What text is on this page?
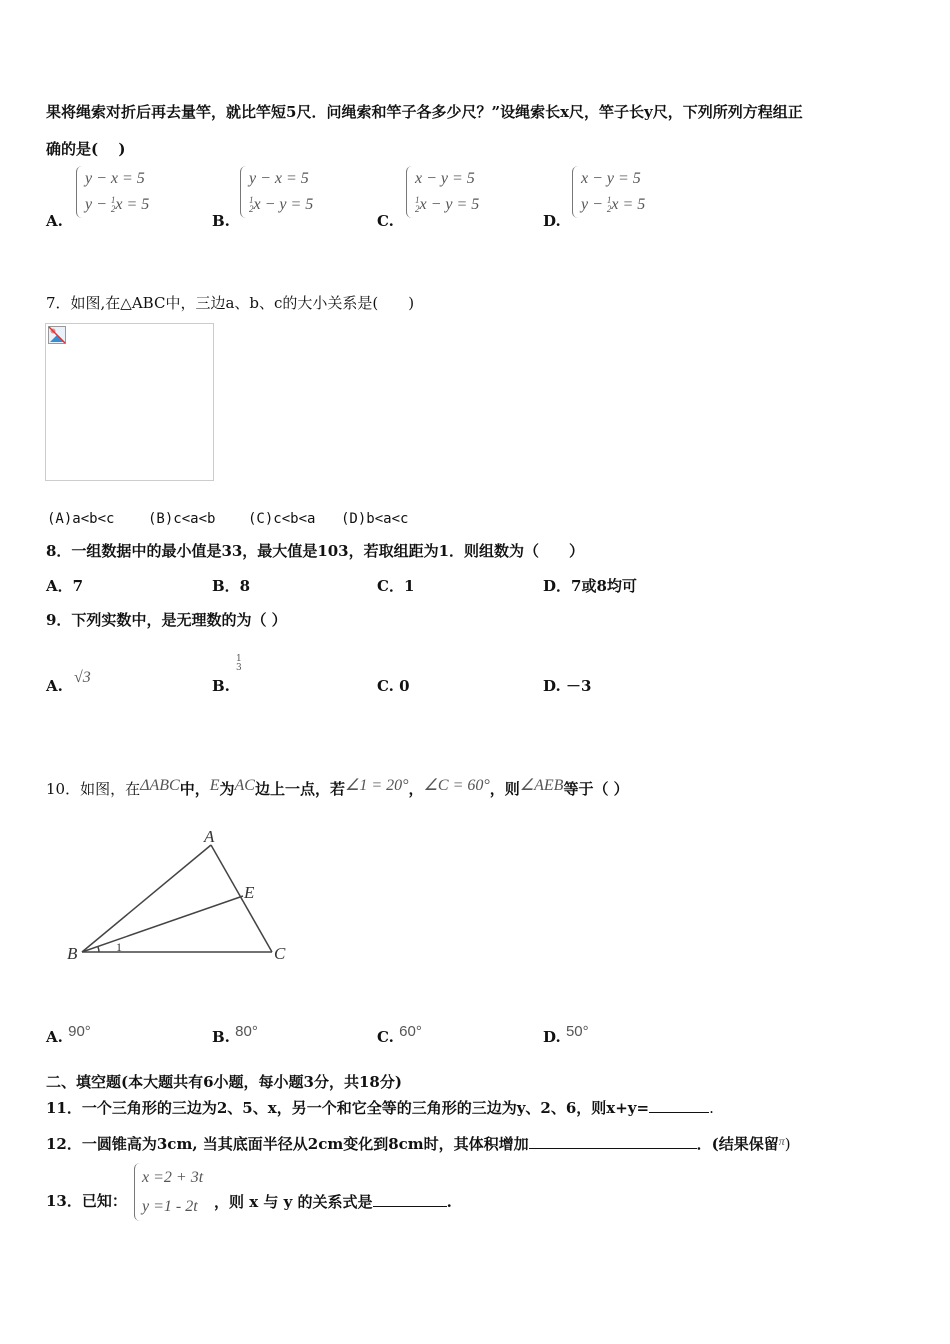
果将绳索对折后再去量竿，就比竿短5尺．问绳索和竿子各多少尺？”设绳索长x尺，竿子长y尺，下列所列方程组正
确的是(　 )
A.
y − x = 5
y − 1
2 x = 5
B.
y − x = 5
1
2 x − y = 5
C.
x − y = 5
1
2 x − y = 5
D.
x − y = 5
y − 1
2 x = 5
7．如图,在△ABC中，三边a、b、c的大小关系是(　　)
(A)a<b<c (B)c<a<b (C)c<b<a (D)b<a<c
8．一组数据中的最小值是33，最大值是103，若取组距为1．则组数为（　　）
A．7	B．8	C．1	D．7或8均可
9．下列实数中，是无理数的为（ ）
A. √3	B.
1
3
C. 0	D. －3
10．如图，在ΔABC中，E为AC边上一点，若∠1 = 20°，∠C = 60°，则∠AEB等于（ ）
A
B	C
E
1
A. 90°	B. 80°	C. 60°	D. 50°
二、填空题(本大题共有6小题，每小题3分，共18分)
11．一个三角形的三边为2、5、x，另一个和它全等的三角形的三边为y、2、6，则x+y=	.
12．一圆锥高为3cm, 当其底面半径从2cm变化到8cm时，其体积增加	．(结果保留$^\pi$)
13．已知：
x =2 + 3t
y =1 - 2t	，则 x 与 y 的关系式是	.
